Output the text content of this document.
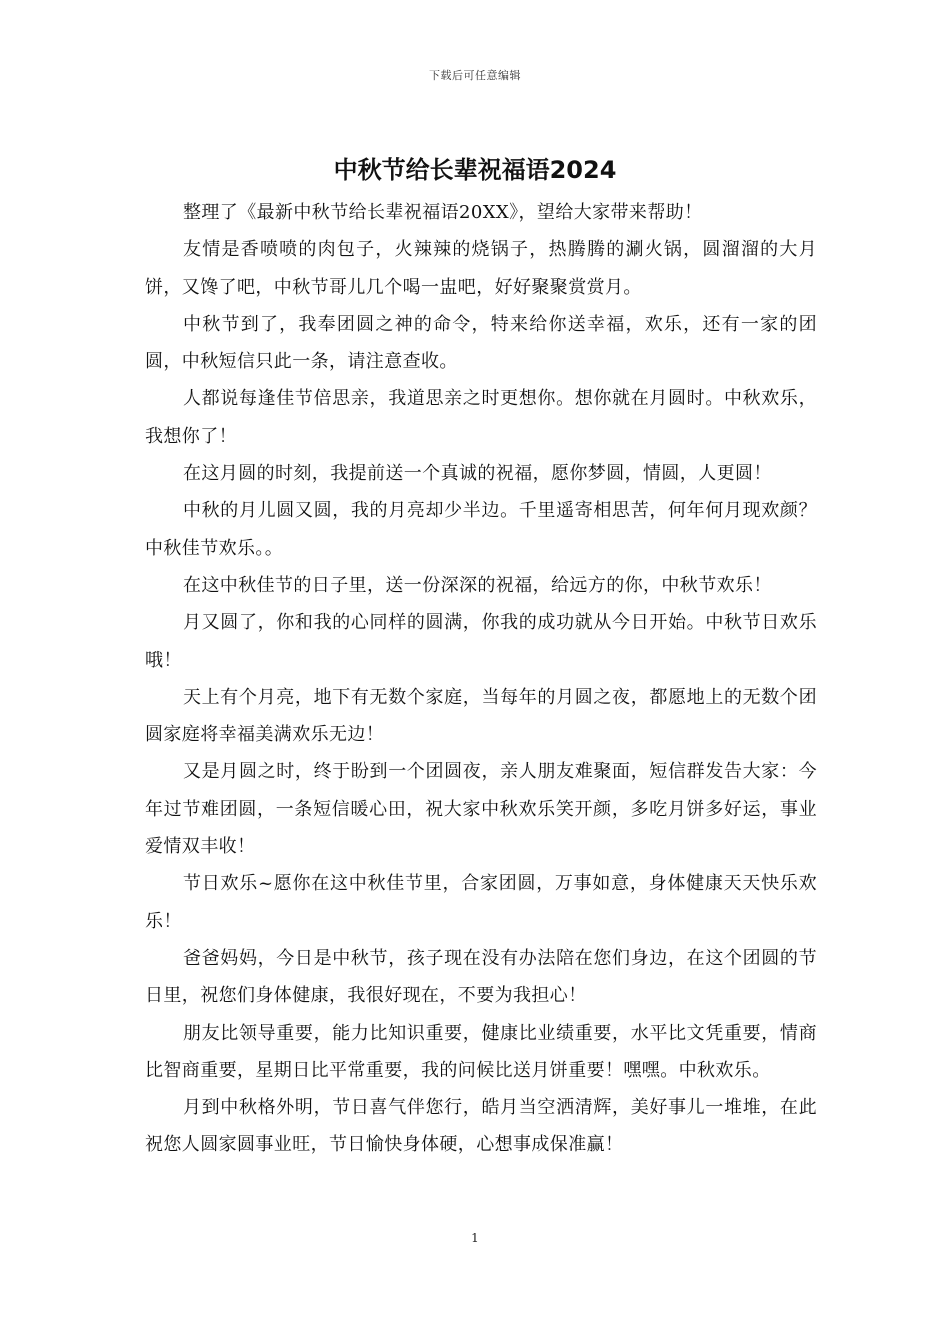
下载后可任意编辑
中秋节给长辈祝福语2024

整理了《最新中秋节给长辈祝福语20XX》，望给大家带来帮助！

友情是香喷喷的肉包子，火辣辣的烧锅子，热腾腾的涮火锅，圆溜溜的大月饼，又馋了吧，中秋节哥儿几个喝一盅吧，好好聚聚赏赏月。

中秋节到了，我奉团圆之神的命令，特来给你送幸福，欢乐，还有一家的团圆，中秋短信只此一条，请注意查收。

人都说每逢佳节倍思亲，我道思亲之时更想你。想你就在月圆时。中秋欢乐，我想你了！

在这月圆的时刻，我提前送一个真诚的祝福，愿你梦圆，情圆，人更圆！

中秋的月儿圆又圆，我的月亮却少半边。千里遥寄相思苦，何年何月现欢颜？中秋佳节欢乐。。

在这中秋佳节的日子里，送一份深深的祝福，给远方的你，中秋节欢乐！

月又圆了，你和我的心同样的圆满，你我的成功就从今日开始。中秋节日欢乐哦！

天上有个月亮，地下有无数个家庭，当每年的月圆之夜，都愿地上的无数个团圆家庭将幸福美满欢乐无边！

又是月圆之时，终于盼到一个团圆夜，亲人朋友难聚面，短信群发告大家：今年过节难团圆，一条短信暖心田，祝大家中秋欢乐笑开颜，多吃月饼多好运，事业爱情双丰收！

节日欢乐~愿你在这中秋佳节里，合家团圆，万事如意，身体健康天天快乐欢乐！

爸爸妈妈，今日是中秋节，孩子现在没有办法陪在您们身边，在这个团圆的节日里，祝您们身体健康，我很好现在，不要为我担心！

朋友比领导重要，能力比知识重要，健康比业绩重要，水平比文凭重要，情商比智商重要，星期日比平常重要，我的问候比送月饼重要！嘿嘿。中秋欢乐。

月到中秋格外明，节日喜气伴您行，皓月当空洒清辉，美好事儿一堆堆，在此祝您人圆家圆事业旺，节日愉快身体硬，心想事成保准赢！

1
